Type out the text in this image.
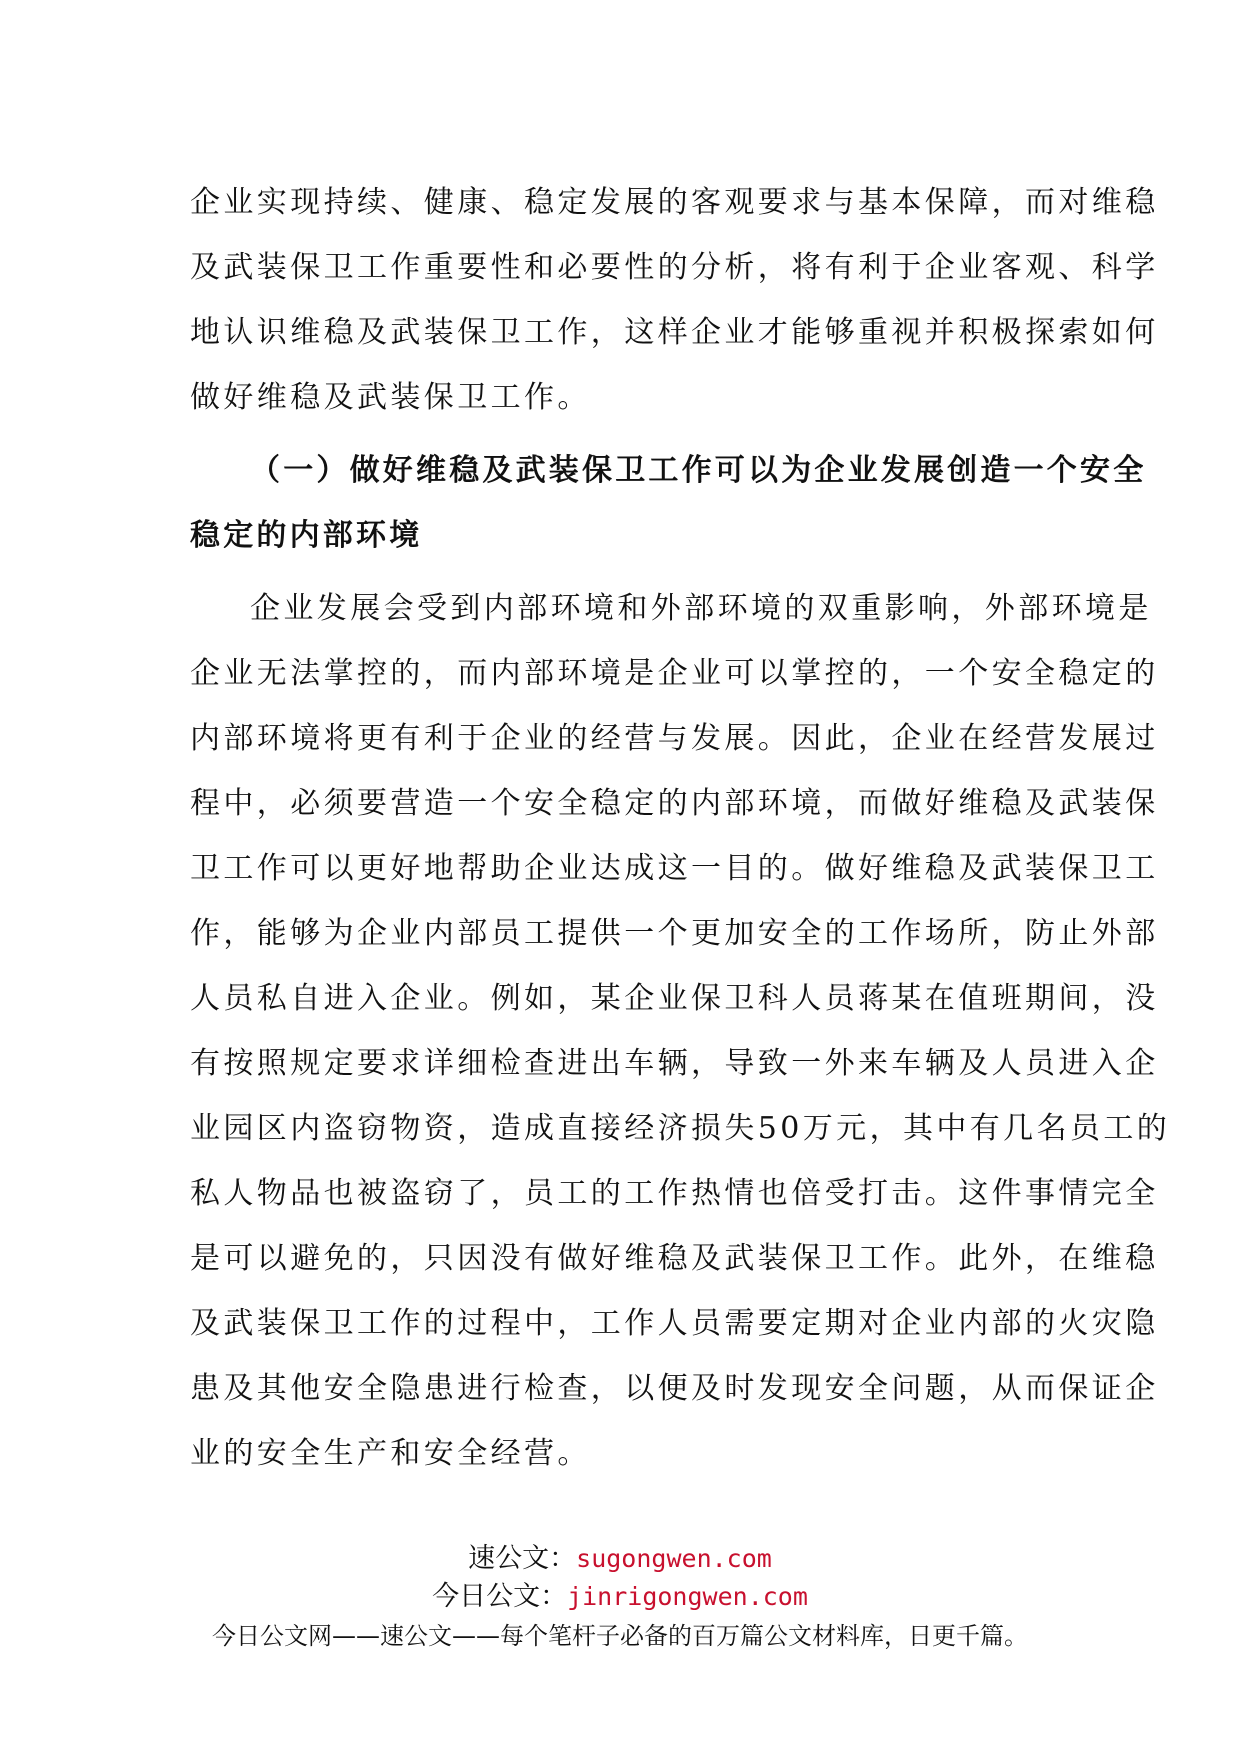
企业实现持续、健康、稳定发展的客观要求与基本保障，而对维稳
及武装保卫工作重要性和必要性的分析，将有利于企业客观、科学
地认识维稳及武装保卫工作，这样企业才能够重视并积极探索如何
做好维稳及武装保卫工作。
（一）做好维稳及武装保卫工作可以为企业发展创造一个安全
稳定的内部环境
企业发展会受到内部环境和外部环境的双重影响，外部环境是
企业无法掌控的，而内部环境是企业可以掌控的，一个安全稳定的
内部环境将更有利于企业的经营与发展。因此，企业在经营发展过
程中，必须要营造一个安全稳定的内部环境，而做好维稳及武装保
卫工作可以更好地帮助企业达成这一目的。做好维稳及武装保卫工
作，能够为企业内部员工提供一个更加安全的工作场所，防止外部
人员私自进入企业。例如，某企业保卫科人员蒋某在值班期间，没
有按照规定要求详细检查进出车辆，导致一外来车辆及人员进入企
业园区内盗窃物资，造成直接经济损失50万元，其中有几名员工的
私人物品也被盗窃了，员工的工作热情也倍受打击。这件事情完全
是可以避免的，只因没有做好维稳及武装保卫工作。此外，在维稳
及武装保卫工作的过程中，工作人员需要定期对企业内部的火灾隐
患及其他安全隐患进行检查，以便及时发现安全问题，从而保证企
业的安全生产和安全经营。
速公文：sugongwen.com
今日公文：jinrigongwen.com
今日公文网——速公文——每个笔杆子必备的百万篇公文材料库，日更千篇。
